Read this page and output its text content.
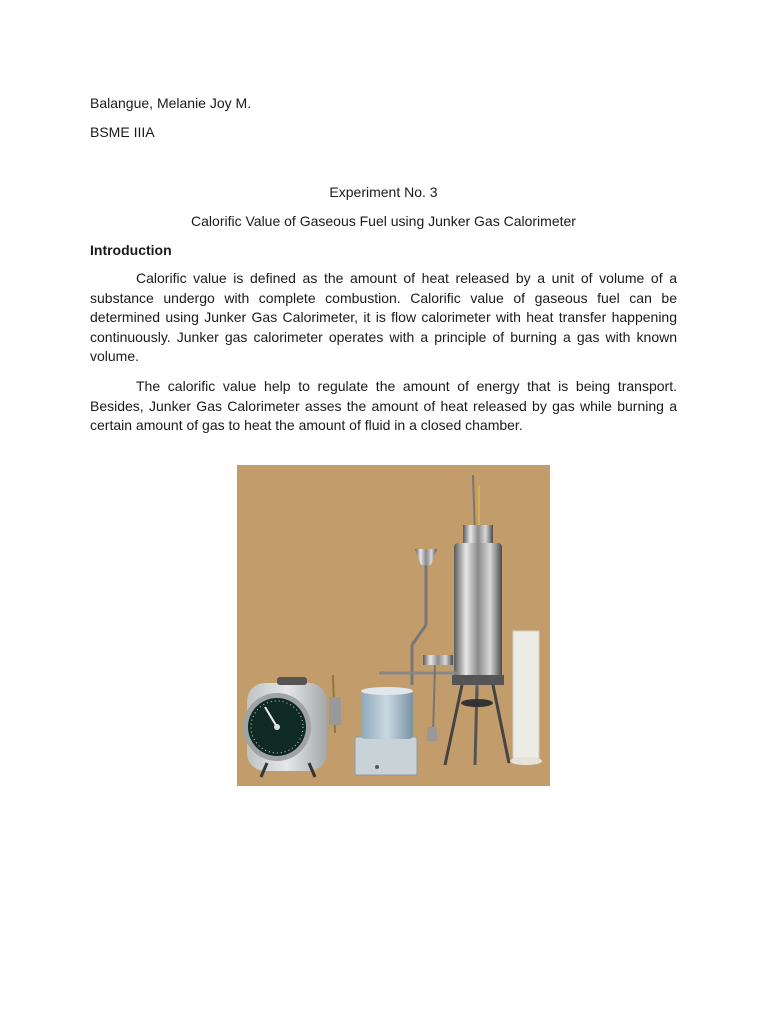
Balangue, Melanie Joy M.
BSME IIIA
Experiment No. 3
Calorific Value of Gaseous Fuel using Junker Gas Calorimeter
Introduction

Calorific value is defined as the amount of heat released by a unit of volume of a substance undergo with complete combustion. Calorific value of gaseous fuel can be determined using Junker Gas Calorimeter, it is flow calorimeter with heat transfer happening continuously. Junker gas calorimeter operates with a principle of burning a gas with known volume.

The calorific value help to regulate the amount of energy that is being transport. Besides, Junker Gas Calorimeter asses the amount of heat released by gas while burning a certain amount of gas to heat the amount of fluid in a closed chamber.
